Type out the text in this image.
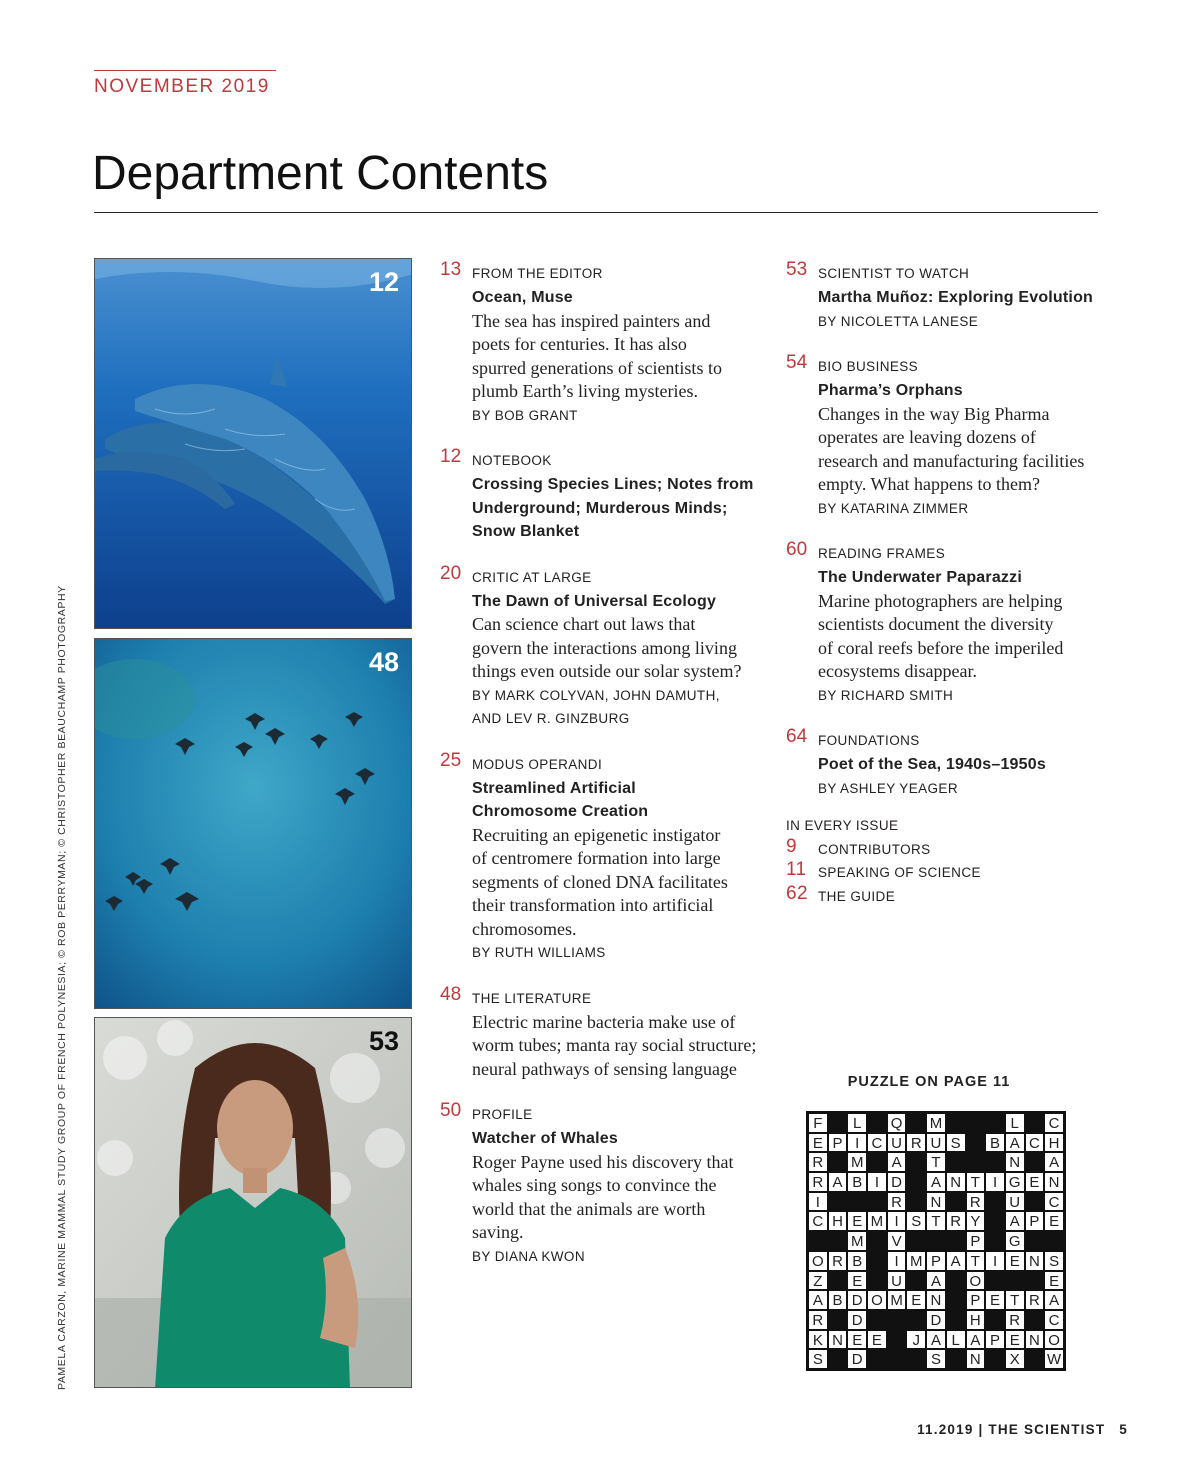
NOVEMBER 2019
Department Contents
PAMELA CARZON, MARINE MAMMAL STUDY GROUP OF FRENCH POLYNESIA; © ROB PERRYMAN; © CHRISTOPHER BEAUCHAMP PHOTOGRAPHY
12
48
53
13 FROM THE EDITOR
Ocean, Muse
The sea has inspired painters and
poets for centuries. It has also
spurred generations of scientists to
plumb Earth’s living mysteries.
BY BOB GRANT
12 NOTEBOOK
Crossing Species Lines; Notes from
Underground; Murderous Minds;
Snow Blanket
20 CRITIC AT LARGE
The Dawn of Universal Ecology
Can science chart out laws that
govern the interactions among living
things even outside our solar system?
BY MARK COLYVAN, JOHN DAMUTH,
AND LEV R. GINZBURG
25 MODUS OPERANDI
Streamlined Artificial
Chromosome Creation
Recruiting an epigenetic instigator
of centromere formation into large
segments of cloned DNA facilitates
their transformation into artificial
chromosomes.
BY RUTH WILLIAMS
48 THE LITERATURE
Electric marine bacteria make use of
worm tubes; manta ray social structure;
neural pathways of sensing language
50 PROFILE
Watcher of Whales
Roger Payne used his discovery that
whales sing songs to convince the
world that the animals are worth
saving.
BY DIANA KWON
53 SCIENTIST TO WATCH
Martha Muñoz: Exploring Evolution
BY NICOLETTA LANESE
54 BIO BUSINESS
Pharma’s Orphans
Changes in the way Big Pharma
operates are leaving dozens of
research and manufacturing facilities
empty. What happens to them?
BY KATARINA ZIMMER
60 READING FRAMES
The Underwater Paparazzi
Marine photographers are helping
scientists document the diversity
of coral reefs before the imperiled
ecosystems disappear.
BY RICHARD SMITH
64 FOUNDATIONS
Poet of the Sea, 1940s–1950s
BY ASHLEY YEAGER
IN EVERY ISSUE
9 CONTRIBUTORS
11 SPEAKING OF SCIENCE
62 THE GUIDE
PUZZLE ON PAGE 11
F	L	Q M	L	C
E P I C U R U S	B A C H
R M	A	T	N	A
R A B I D	A N T I G E N
I	R N R U C
C H E M I S T R Y	A P E
M	V	P	G
O R B	I M P A T I E N S
Z	E	U	A	O	E
A B D O M E N	P E T R A
R D	D H R C
K N E E	J A L A P E N O
S	D	S	N	X	W
11.2019 | THE SCIENTIST 5
